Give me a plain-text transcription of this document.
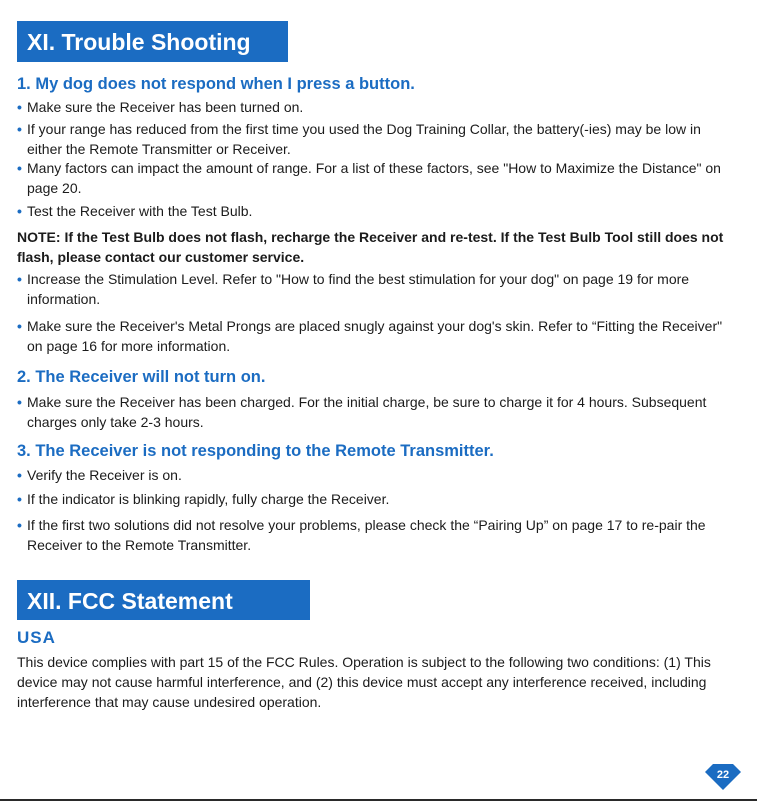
XI. Trouble Shooting
1. My dog does not respond when I press a button.
• Make sure the Receiver has been turned on.
• If your range has reduced from the first time you used the Dog Training Collar, the battery(-ies) may be low in either the Remote Transmitter or Receiver.
• Many factors can impact the amount of range. For a list of these factors, see "How to Maximize the Distance" on page 20.
• Test the Receiver with the Test Bulb.
NOTE: If the Test Bulb does not flash, recharge the Receiver and re-test. If the Test Bulb Tool still does not flash, please contact our customer service.
• Increase the Stimulation Level. Refer to "How to find the best stimulation for your dog" on page 19 for more information.
• Make sure the Receiver's Metal Prongs are placed snugly against your dog's skin. Refer to “Fitting the Receiver" on page 16 for more information.
2. The Receiver will not turn on.
• Make sure the Receiver has been charged. For the initial charge, be sure to charge it for 4 hours. Subsequent charges only take 2-3 hours.
3. The Receiver is not responding to the Remote Transmitter.
• Verify the Receiver is on.
• If the indicator is blinking rapidly, fully charge the Receiver.
• If the first two solutions did not resolve your problems, please check the “Pairing Up” on page 17 to re-pair the Receiver to the Remote Transmitter.
XII. FCC Statement
USA
This device complies with part 15 of the FCC Rules. Operation is subject to the following two conditions: (1) This device may not cause harmful interference, and (2) this device must accept any interference received, including interference that may cause undesired operation.
22
